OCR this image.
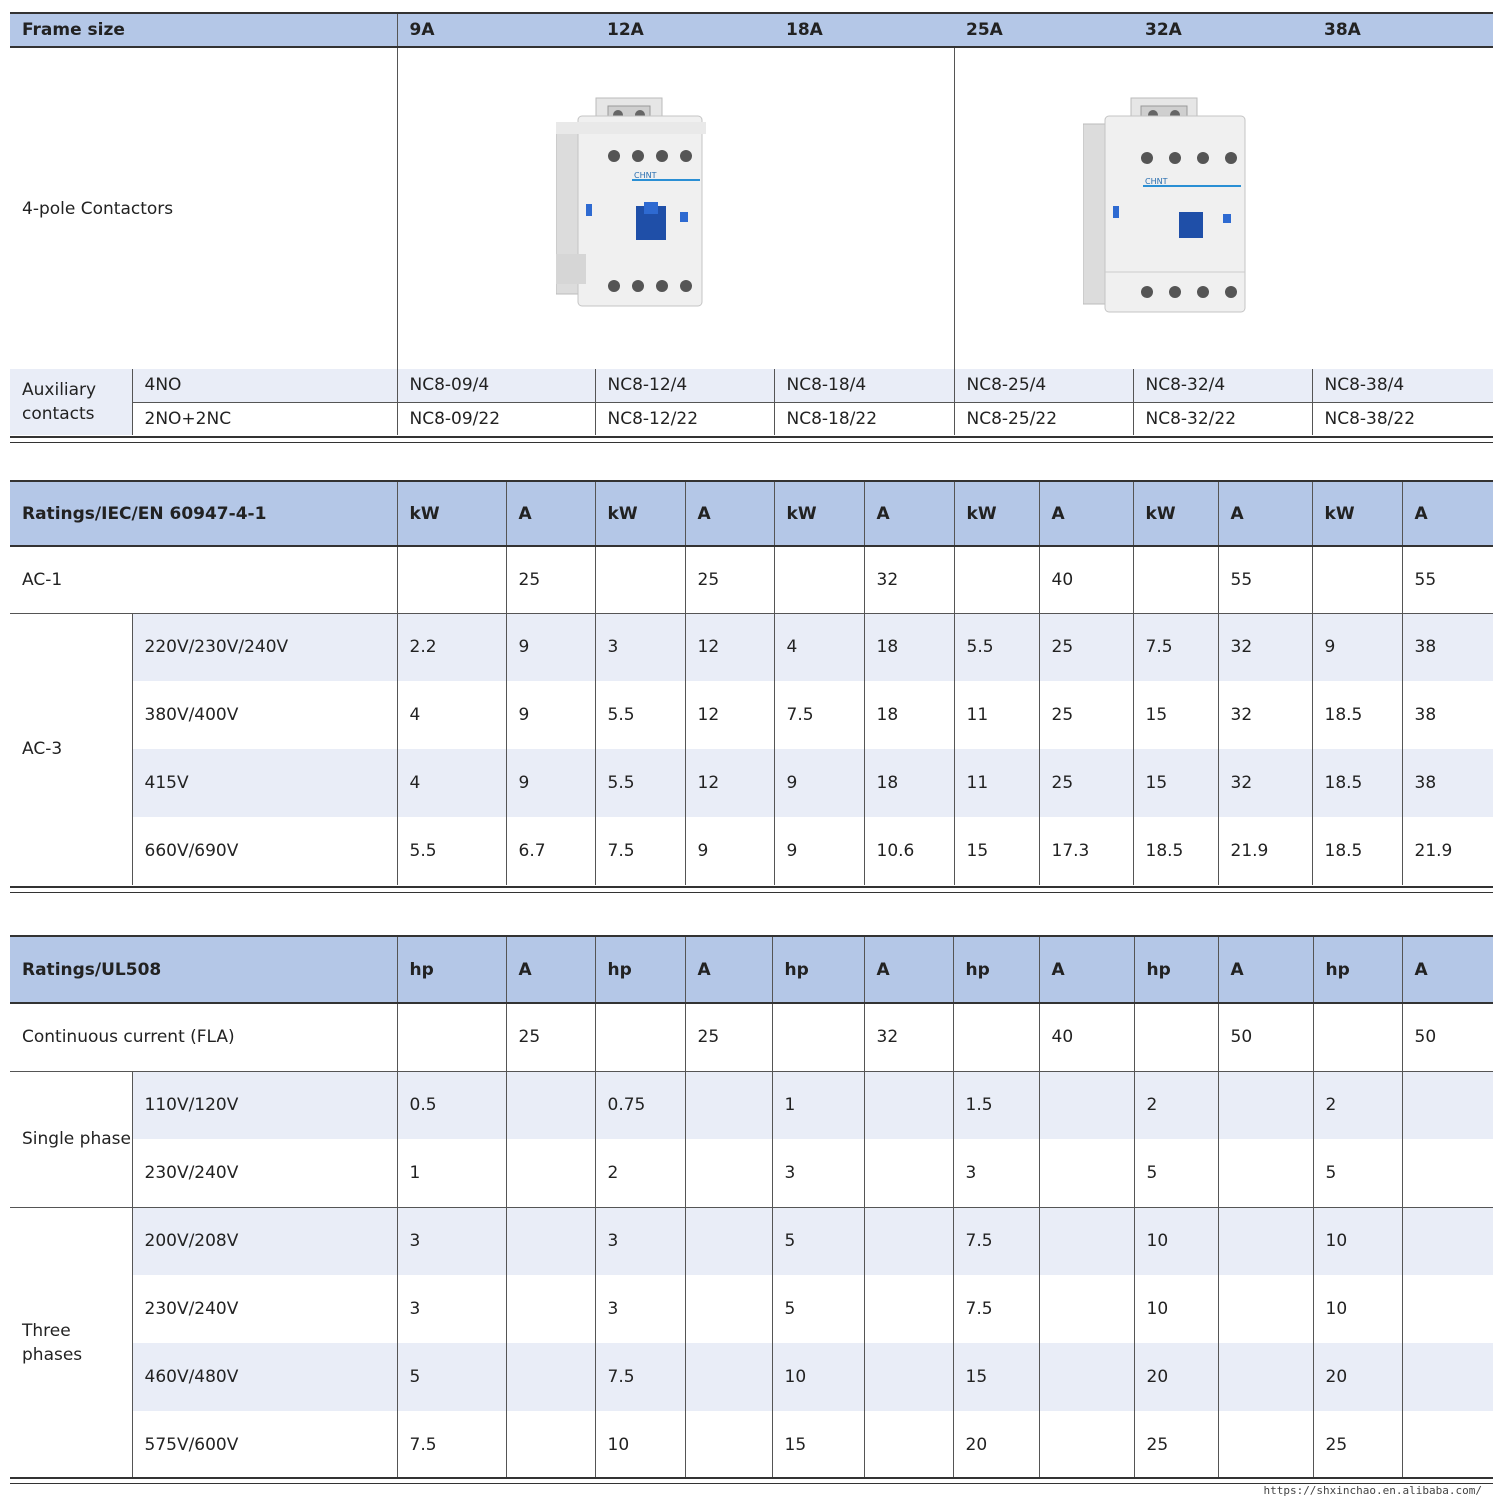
Frame size		9A	12A	18A	25A	32A	38A
4-pole Contactors		CHNT			CHNT		

Auxiliary contacts	4NO	NC8-09/4	NC8-12/4	NC8-18/4	NC8-25/4	NC8-32/4	NC8-38/4
	2NO+2NC	NC8-09/22	NC8-12/22	NC8-18/22	NC8-25/22	NC8-32/22	NC8-38/22
Ratings/IEC/EN 60947-4-1		kW	A	kW	A	kW	A	kW	A	kW	A	kW	A
AC-1			25		25		32		40		55		55
AC-3	220V/230V/240V	2.2	9	3	12	4	18	5.5	25	7.5	32	9	38
	380V/400V	4	9	5.5	12	7.5	18	11	25	15	32	18.5	38
	415V	4	9	5.5	12	9	18	11	25	15	32	18.5	38
	660V/690V	5.5	6.7	7.5	9	9	10.6	15	17.3	18.5	21.9	18.5	21.9
Ratings/UL508		hp	A	hp	A	hp	A	hp	A	hp	A	hp	A
Continuous current (FLA)			25		25		32		40		50		50
Single phase	110V/120V	0.5		0.75		1		1.5		2		2	
	230V/240V	1		2		3		3		5		5	
Three phases	200V/208V	3		3		5		7.5		10		10	
	230V/240V	3		3		5		7.5		10		10	
	460V/480V	5		7.5		10		15		20		20	
	575V/600V	7.5		10		15		20		25		25	
https://shxinchao.en.alibaba.com/
